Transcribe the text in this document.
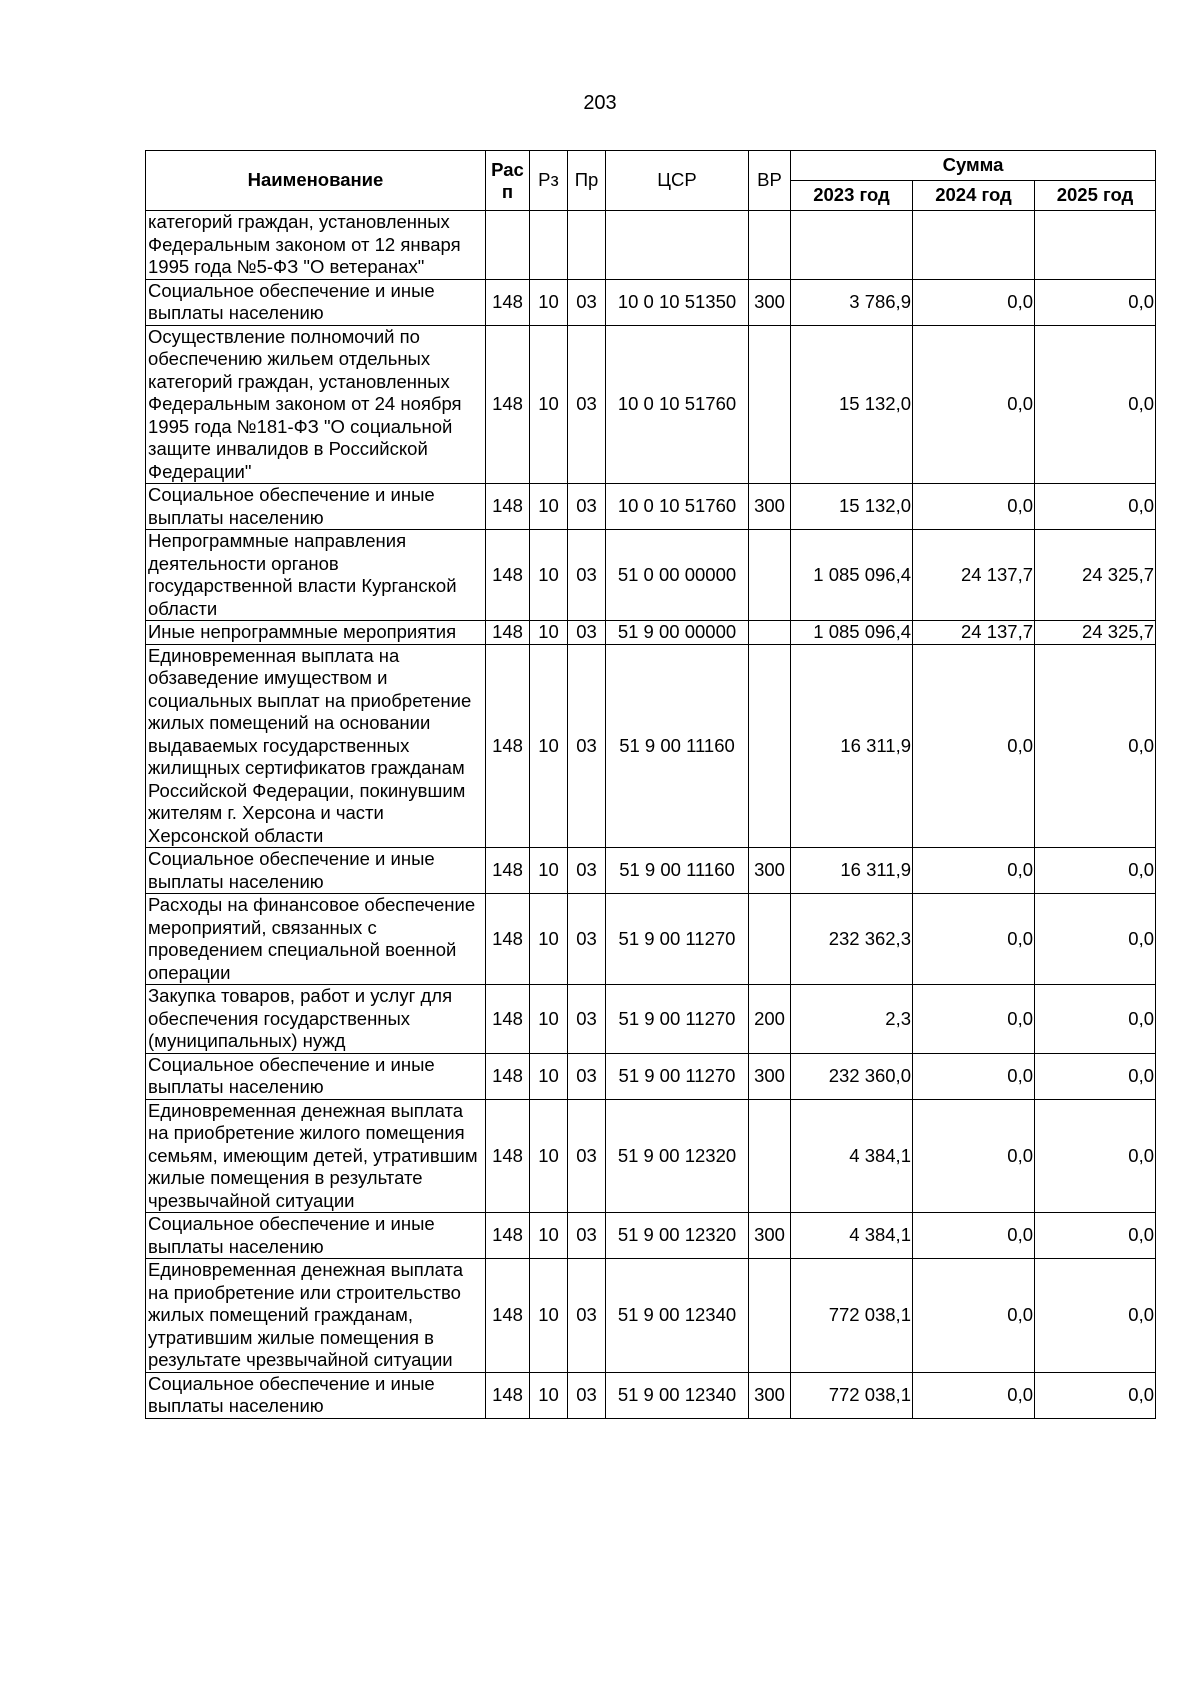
203
Наименование	Рас п	Рз	Пр	ЦСР	ВР	Сумма		
						2023 год	2024 год	2025 год
категорий граждан, установленных Федеральным законом от 12 января 1995 года №5-ФЗ "О ветеранах"								
Социальное обеспечение и иные выплаты населению	148	10	03	10 0 10 51350	300	3 786,9	0,0	0,0
Осуществление полномочий по обеспечению жильем отдельных категорий граждан, установленных Федеральным законом от 24 ноября 1995 года №181-ФЗ "О социальной защите инвалидов в Российской Федерации"	148	10	03	10 0 10 51760		15 132,0	0,0	0,0
Социальное обеспечение и иные выплаты населению	148	10	03	10 0 10 51760	300	15 132,0	0,0	0,0
Непрограммные направления деятельности органов государственной власти Курганской области	148	10	03	51 0 00 00000		1 085 096,4	24 137,7	24 325,7
Иные непрограммные мероприятия	148	10	03	51 9 00 00000		1 085 096,4	24 137,7	24 325,7
Единовременная выплата на обзаведение имуществом и социальных выплат на приобретение жилых помещений на основании выдаваемых государственных жилищных сертификатов гражданам Российской Федерации, покинувшим жителям г. Херсона и части Херсонской области	148	10	03	51 9 00 11160		16 311,9	0,0	0,0
Социальное обеспечение и иные выплаты населению	148	10	03	51 9 00 11160	300	16 311,9	0,0	0,0
Расходы на финансовое обеспечение мероприятий, связанных с проведением специальной военной операции	148	10	03	51 9 00 11270		232 362,3	0,0	0,0
Закупка товаров, работ и услуг для обеспечения государственных (муниципальных) нужд	148	10	03	51 9 00 11270	200	2,3	0,0	0,0
Социальное обеспечение и иные выплаты населению	148	10	03	51 9 00 11270	300	232 360,0	0,0	0,0
Единовременная денежная выплата на приобретение жилого помещения семьям, имеющим детей, утратившим жилые помещения в результате чрезвычайной ситуации	148	10	03	51 9 00 12320		4 384,1	0,0	0,0
Социальное обеспечение и иные выплаты населению	148	10	03	51 9 00 12320	300	4 384,1	0,0	0,0
Единовременная денежная выплата на приобретение или строительство жилых помещений гражданам, утратившим жилые помещения в результате чрезвычайной ситуации	148	10	03	51 9 00 12340		772 038,1	0,0	0,0
Социальное обеспечение и иные выплаты населению	148	10	03	51 9 00 12340	300	772 038,1	0,0	0,0
